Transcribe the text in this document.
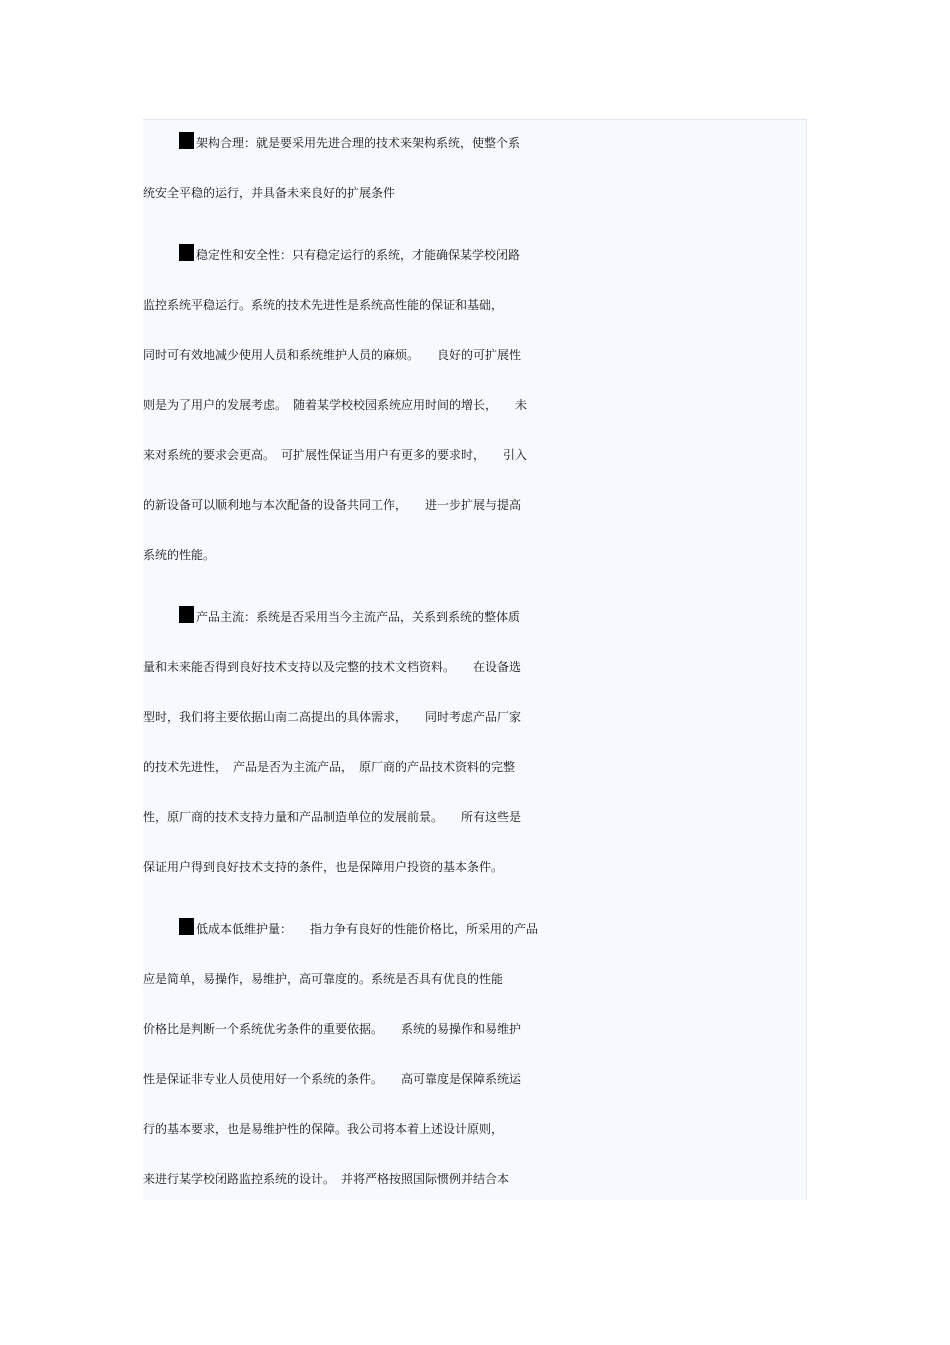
架构合理：就是要采用先进合理的技术来架构系统，使整个系
统安全平稳的运行，并具备未来良好的扩展条件
稳定性和安全性：只有稳定运行的系统，才能确保某学校闭路
监控系统平稳运行。系统的技术先进性是系统高性能的保证和基础，
同时可有效地减少使用人员和系统维护人员的麻烦。　　良好的可扩展性
则是为了用户的发展考虑。　随着某学校校园系统应用时间的增长，　　未
来对系统的要求会更高。　可扩展性保证当用户有更多的要求时，　　引入
的新设备可以顺利地与本次配备的设备共同工作，　　进一步扩展与提高
系统的性能。
产品主流：系统是否采用当今主流产品，关系到系统的整体质
量和未来能否得到良好技术支持以及完整的技术文档资料。　　在设备选
型时，我们将主要依据山南二高提出的具体需求，　　同时考虑产品厂家
的技术先进性，　产品是否为主流产品，　原厂商的产品技术资料的完整
性，原厂商的技术支持力量和产品制造单位的发展前景。　　所有这些是
保证用户得到良好技术支持的条件，也是保障用户投资的基本条件。
低成本低维护量：　　指力争有良好的性能价格比，所采用的产品
应是简单，易操作，易维护，高可靠度的。系统是否具有优良的性能
价格比是判断一个系统优劣条件的重要依据。　　系统的易操作和易维护
性是保证非专业人员使用好一个系统的条件。　　高可靠度是保障系统运
行的基本要求，也是易维护性的保障。我公司将本着上述设计原则，
来进行某学校闭路监控系统的设计。　并将严格按照国际惯例并结合本
